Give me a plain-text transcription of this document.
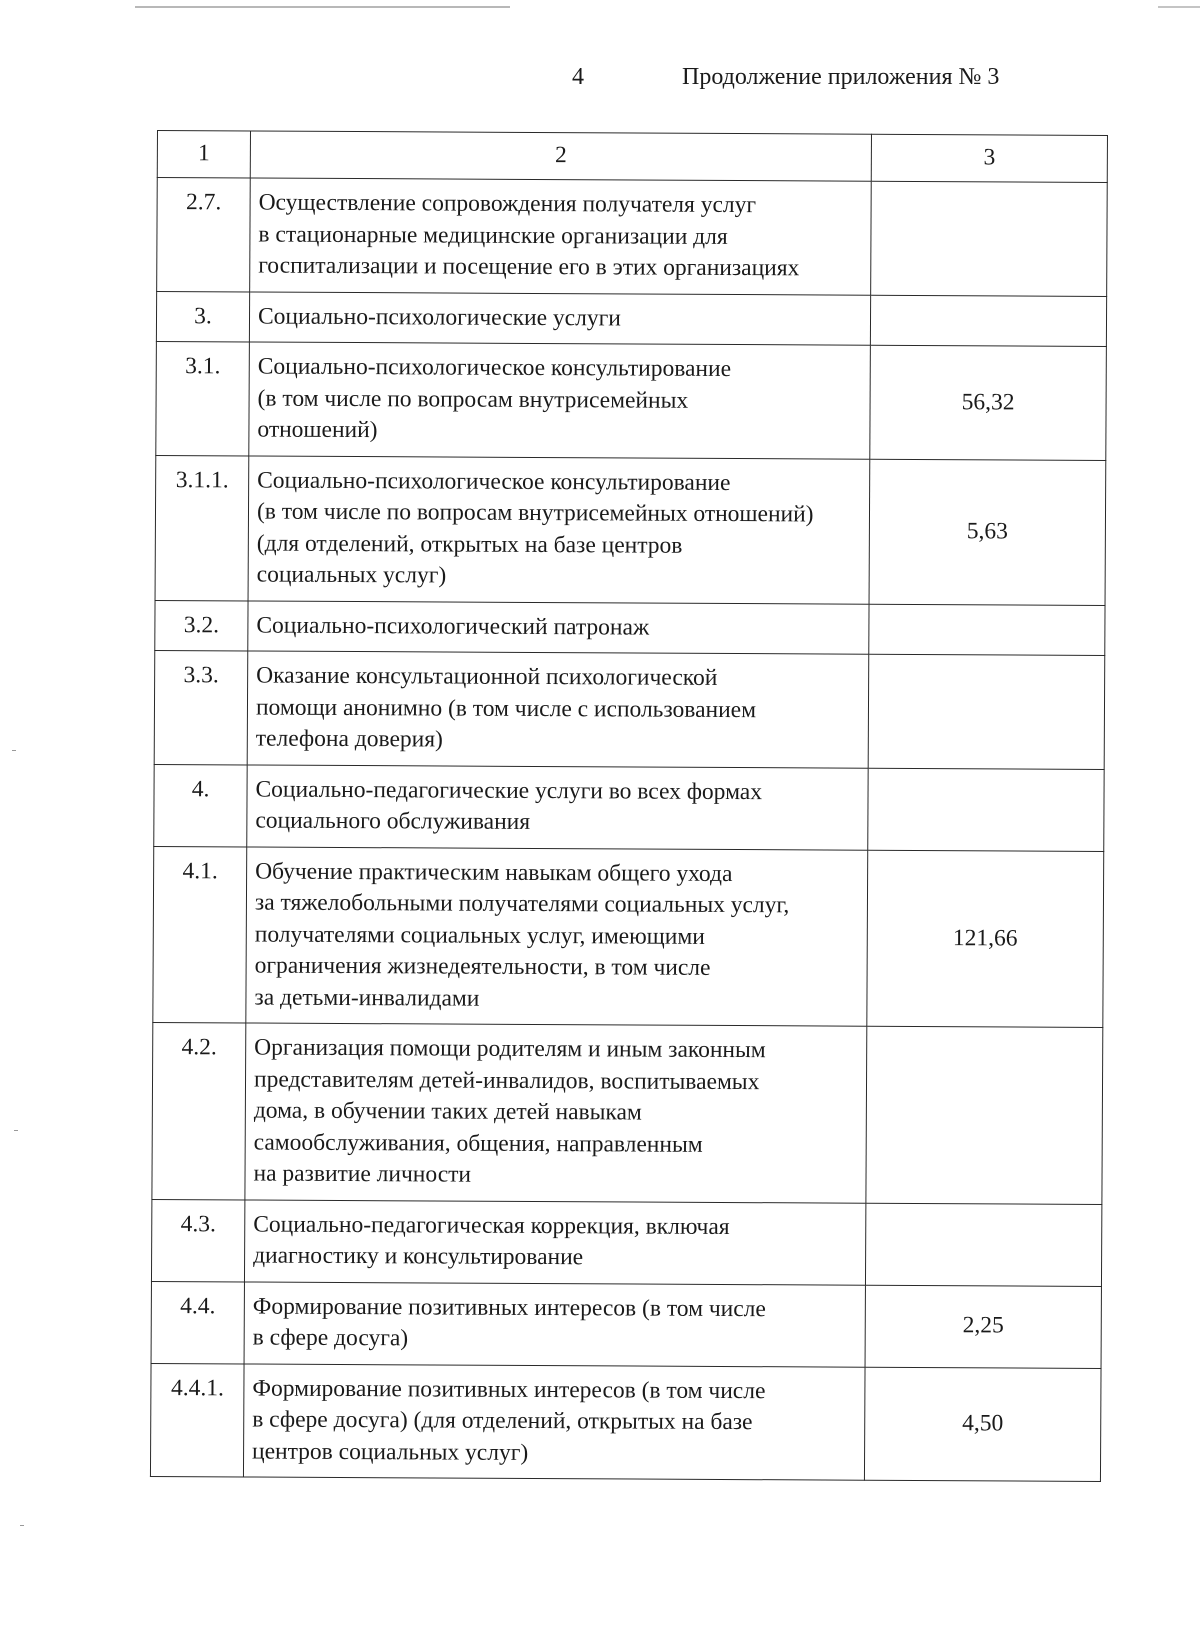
4	Продолжение приложения № 3
1	2	3
2.7.	Осуществление сопровождения получателя услуг
в стационарные медицинские организации для
госпитализации и посещение его в этих организациях	
3.	Социально-психологические услуги	
3.1.	Социально-психологическое консультирование
(в том числе по вопросам внутрисемейных
отношений)	56,32
3.1.1.	Социально-психологическое консультирование
(в том числе по вопросам внутрисемейных отношений)
(для отделений, открытых на базе центров
социальных услуг)	5,63
3.2.	Социально-психологический патронаж	
3.3.	Оказание консультационной психологической
помощи анонимно (в том числе с использованием
телефона доверия)	
4.	Социально-педагогические услуги во всех формах
социального обслуживания	
4.1.	Обучение практическим навыкам общего ухода
за тяжелобольными получателями социальных услуг,
получателями социальных услуг, имеющими
ограничения жизнедеятельности, в том числе
за детьми-инвалидами	121,66
4.2.	Организация помощи родителям и иным законным
представителям детей-инвалидов, воспитываемых
дома, в обучении таких детей навыкам
самообслуживания, общения, направленным
на развитие личности	
4.3.	Социально-педагогическая коррекция, включая
диагностику и консультирование	
4.4.	Формирование позитивных интересов (в том числе
в сфере досуга)	2,25
4.4.1.	Формирование позитивных интересов (в том числе
в сфере досуга) (для отделений, открытых на базе
центров социальных услуг)	4,50
